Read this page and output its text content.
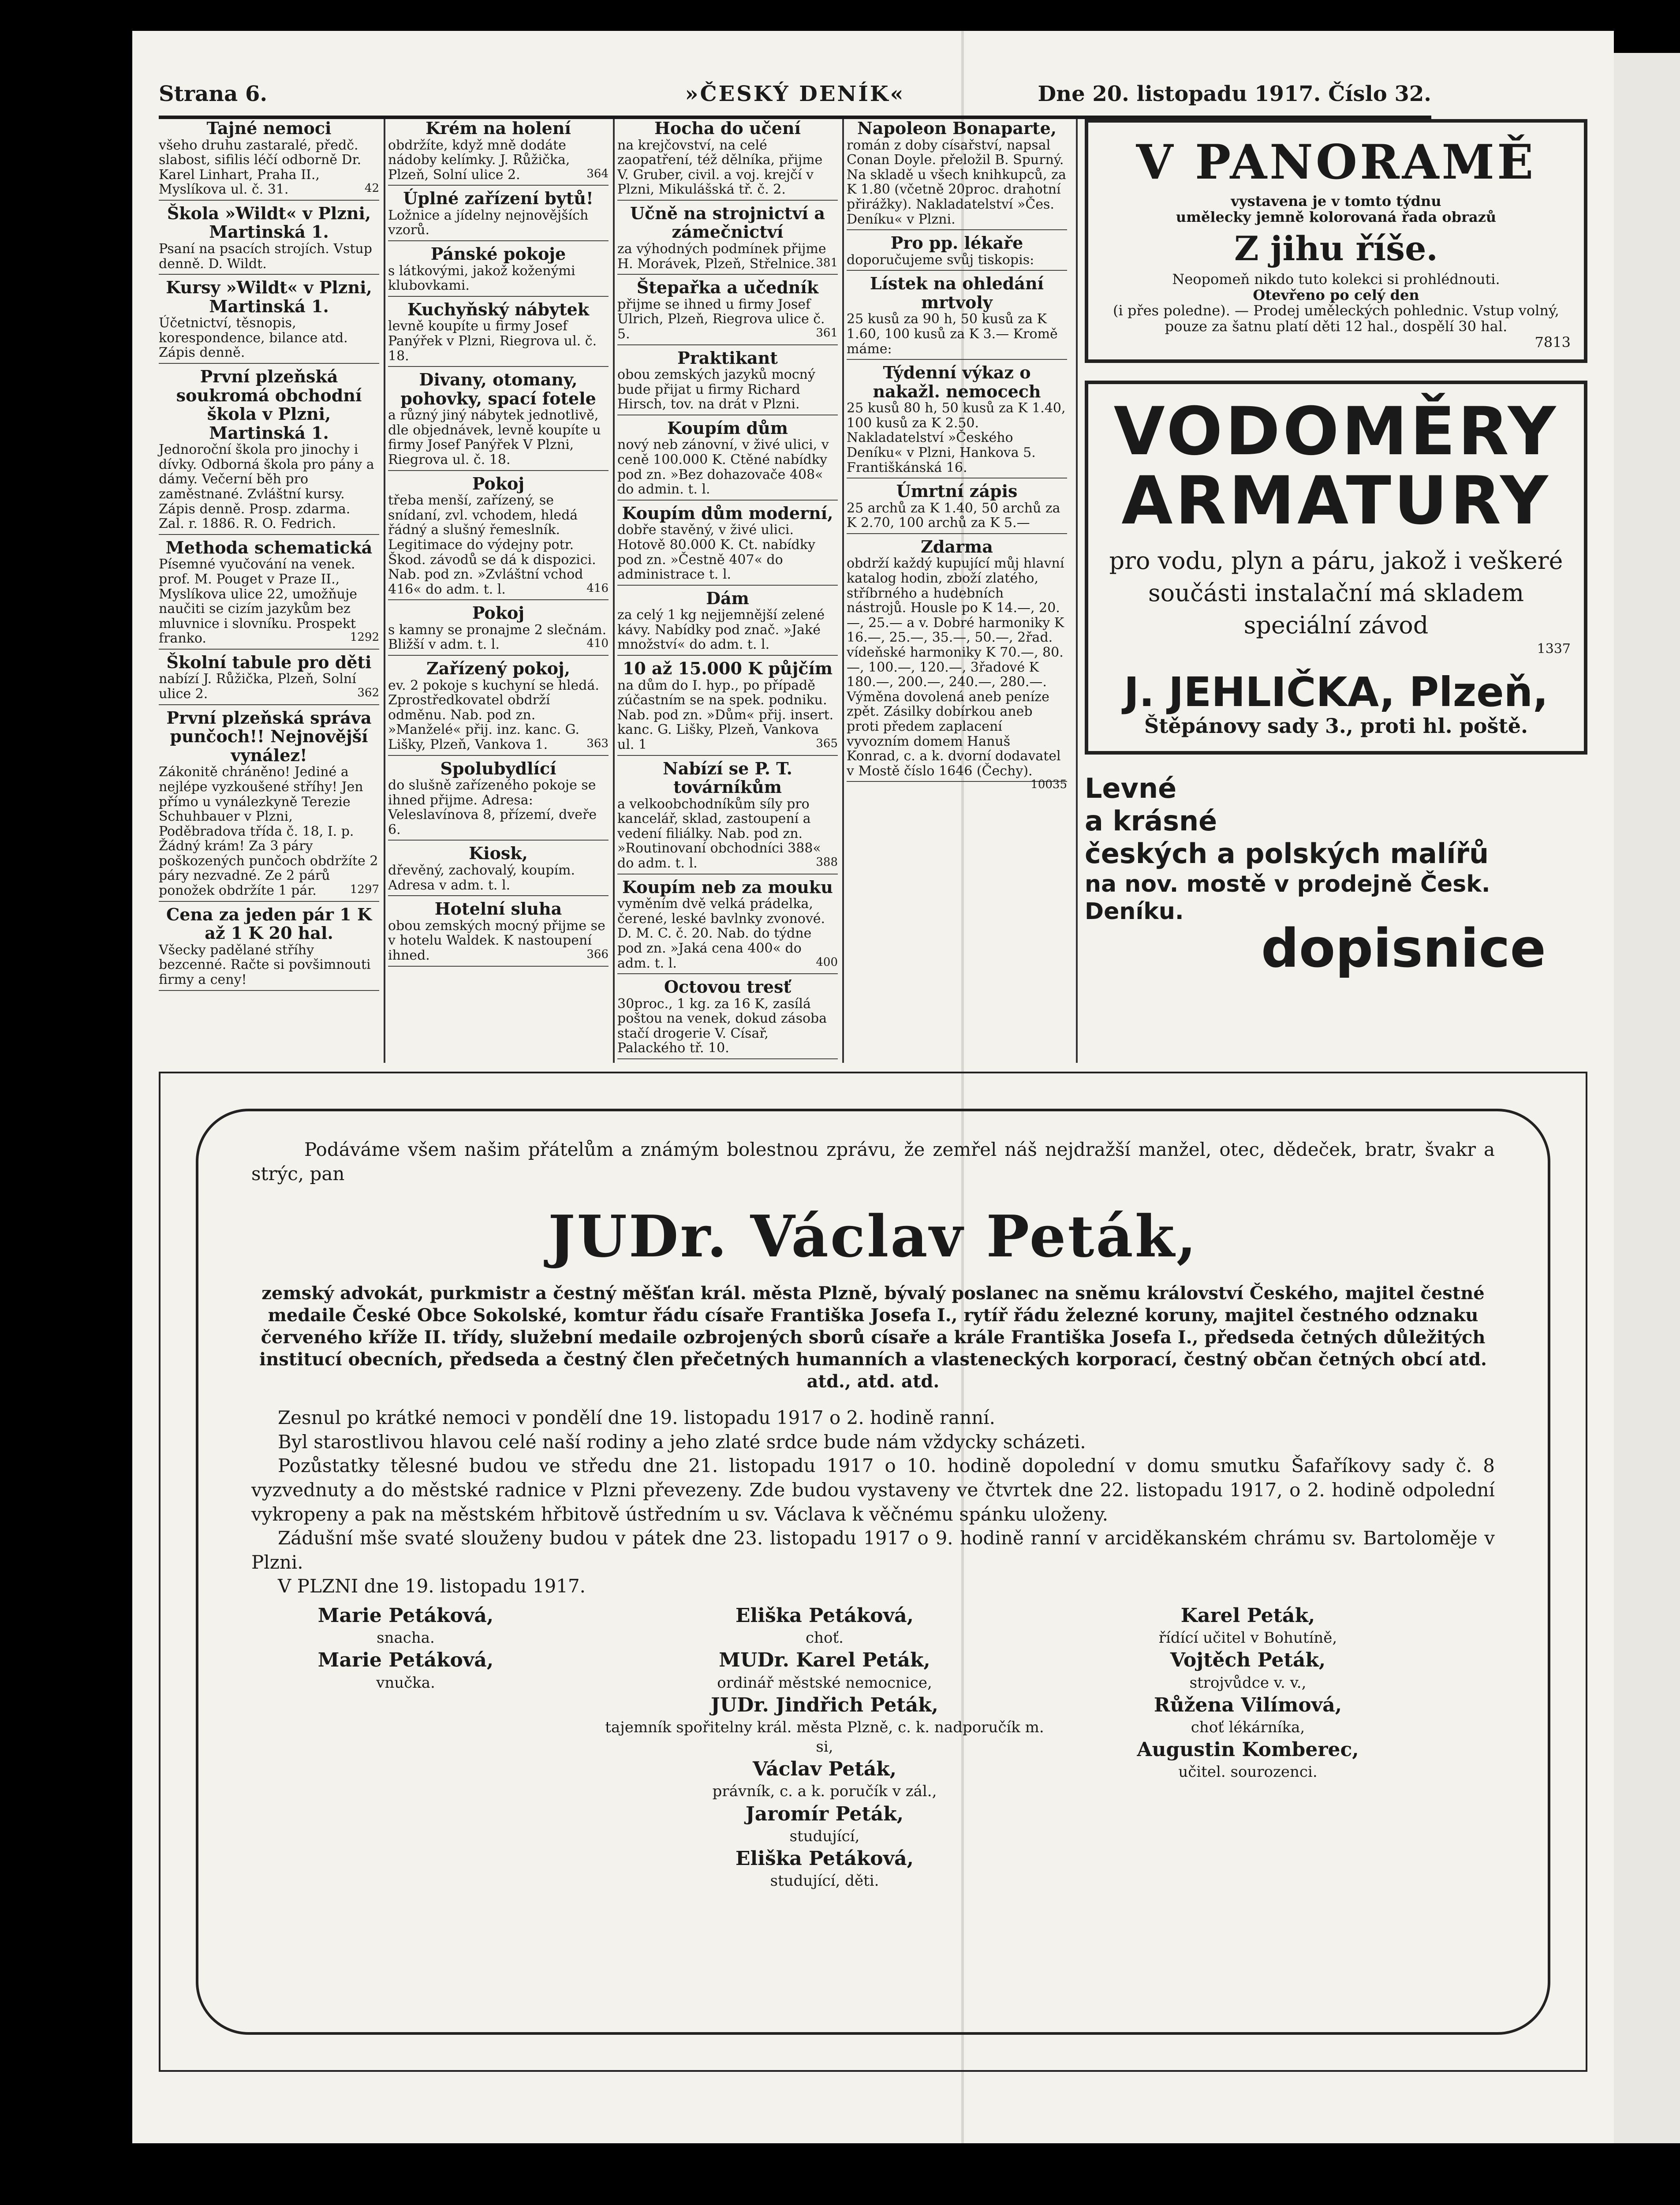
Strana 6.	»ČESKÝ DENÍK«	Dne 20. listopadu 1917. Číslo 32.
Tajné nemoci
všeho druhu zastaralé, předč. slabost, sifilis léčí odborně Dr. Karel Linhart, Praha II., Myslíkova ul. č. 31.	42
Škola »Wildt« v Plzni, Martinská 1.
Psaní na psacích strojích. Vstup denně. D. Wildt.
Kursy »Wildt« v Plzni, Martinská 1.
Účetnictví, těsnopis, korespondence, bilance atd. Zápis denně.
První plzeňská soukromá obchodní škola v Plzni, Martinská 1.
Jednoroční škola pro jinochy i dívky. Odborná škola pro pány a dámy. Večerní běh pro zaměstnané. Zvláštní kursy. Zápis denně. Prosp. zdarma. Zal. r. 1886. R. O. Fedrich.
Methoda schematická
Písemné vyučování na venek. prof. M. Pouget v Praze II., Myslíkova ulice 22, umožňuje naučiti se cizím jazykům bez mluvnice i slovníku. Prospekt franko.	1292
Školní tabule pro děti
nabízí J. Růžička, Plzeň, Solní ulice 2.	362
První plzeňská správa punčoch!! Nejnovější vynález!
Zákonitě chráněno! Jediné a nejlépe vyzkoušené stříhy! Jen přímo u vynálezkyně Terezie Schuhbauer v Plzni, Poděbradova třída č. 18, I. p. Žádný krám! Za 3 páry poškozených punčoch obdržíte 2 páry nezvadné. Ze 2 párů ponožek obdržíte 1 pár.	1297
Cena za jeden pár 1 K až 1 K 20 hal.
Všecky padělané stříhy bezcenné. Račte si povšimnouti firmy a ceny!
Krém na holení
obdržíte, když mně dodáte nádoby kelímky. J. Růžička, Plzeň, Solní ulice 2.	364
Úplné zařízení bytů!
Ložnice a jídelny nejnovějších vzorů.
Pánské pokoje
s látkovými, jakož koženými klubovkami.
Kuchyňský nábytek
levně koupíte u firmy Josef Panýřek v Plzni, Riegrova ul. č. 18.
Divany, otomany, pohovky, spací fotele
a různý jiný nábytek jednotlivě, dle objednávek, levně koupíte u firmy Josef Panýřek V Plzni, Riegrova ul. č. 18.
Pokoj
třeba menší, zařízený, se snídaní, zvl. vchodem, hledá řádný a slušný řemeslník. Legitimace do výdejny potr. Škod. závodů se dá k dispozici. Nab. pod zn. »Zvláštní vchod 416« do adm. t. l.	416
Pokoj
s kamny se pronajme 2 slečnám. Bližší v adm. t. l.	410
Zařízený pokoj,
ev. 2 pokoje s kuchyní se hledá. Zprostředkovatel obdrží odměnu. Nab. pod zn. »Manželé« přij. inz. kanc. G. Lišky, Plzeň, Vankova 1.	363
Spolubydlící
do slušně zařízeného pokoje se ihned přijme. Adresa: Veleslavínova 8, přízemí, dveře 6.
Kiosk,
dřevěný, zachovalý, koupím. Adresa v adm. t. l.
Hotelní sluha
obou zemských mocný přijme se v hotelu Waldek. K nastoupení ihned.	366
Hocha do učení
na krejčovství, na celé zaopatření, též dělníka, přijme V. Gruber, civil. a voj. krejčí v Plzni, Mikulášská tř. č. 2.
Učně na strojnictví a zámečnictví
za výhodných podmínek přijme H. Morávek, Plzeň, Střelnice. 381
Štepařka a učedník
přijme se ihned u firmy Josef Ulrich, Plzeň, Riegrova ulice č. 5.	361
Praktikant
obou zemských jazyků mocný bude přijat u firmy Richard Hirsch, tov. na drát v Plzni.
Koupím dům
nový neb zánovní, v živé ulici, v ceně 100.000 K. Ctěné nabídky pod zn. »Bez dohazovače 408« do admin. t. l.
Koupím dům moderní,
dobře stavěný, v živé ulici. Hotově 80.000 K. Ct. nabídky pod zn. »Čestně 407« do administrace t. l.
Dám
za celý 1 kg nejjemnější zelené kávy. Nabídky pod znač. »Jaké množství« do adm. t. l.
10 až 15.000 K půjčím
na dům do I. hyp., po případě zúčastním se na spek. podniku. Nab. pod zn. »Dům« přij. insert. kanc. G. Lišky, Plzeň, Vankova ul. 1	365
Nabízí se P. T. továrníkům
a velkoobchodníkům síly pro kancelář, sklad, zastoupení a vedení filiálky. Nab. pod zn. »Routinovaní obchodníci 388« do adm. t. l.	388
Koupím neb za mouku
vyměním dvě velká prádelka, čerené, leské bavlnky zvonové. D. M. C. č. 20. Nab. do týdne pod zn. »Jaká cena 400« do adm. t. l.	400
Octovou tresť
30proc., 1 kg. za 16 K, zasílá poštou na venek, dokud zásoba stačí drogerie V. Císař, Palackého tř. 10.
Napoleon Bonaparte,
román z doby císařství, napsal Conan Doyle. přeložil B. Spurný. Na skladě u všech knihkupců, za K 1.80 (včetně 20proc. drahotní přirážky). Nakladatelství »Čes. Deníku« v Plzni.
Pro pp. lékaře
doporučujeme svůj tiskopis:
Lístek na ohledání mrtvoly
25 kusů za 90 h, 50 kusů za K 1.60, 100 kusů za K 3.— Kromě máme:
Týdenní výkaz o nakažl. nemocech
25 kusů 80 h, 50 kusů za K 1.40, 100 kusů za K 2.50. Nakladatelství »Českého Deníku« v Plzni, Hankova 5. Františkánská 16.
Úmrtní zápis
25 archů za K 1.40, 50 archů za K 2.70, 100 archů za K 5.—
Zdarma
obdrží každý kupující můj hlavní katalog hodin, zboží zlatého, stříbrného a hudebních nástrojů. Housle po K 14.—, 20.—, 25.— a v. Dobré harmoniky K 16.—, 25.—, 35.—, 50.—, 2řad. vídeňské harmoniky K 70.—, 80.—, 100.—, 120.—, 3řadové K 180.—, 200.—, 240.—, 280.—. Výměna dovolená aneb peníze zpět. Zásilky dobírkou aneb proti předem zaplacení vyvozním domem Hanuš Konrad, c. a k. dvorní dodavatel v Mostě číslo 1646 (Čechy).
10035
V PANORAMĚ
vystavena je v tomto týdnu
umělecky jemně kolorovaná řada obrazů
Z jihu říše.
Neopomeň nikdo tuto kolekci si prohlédnouti.
Otevřeno po celý den
(i přes poledne). — Prodej uměleckých pohlednic. Vstup volný, pouze za šatnu platí děti 12 hal., dospělí 30 hal.
7813
VODOMĚRY
ARMATURY
pro vodu, plyn a páru, jakož i veškeré součásti instalační má skladem speciální závod
1337
J. JEHLIČKA, Plzeň,
Štěpánovy sady 3., proti hl. poště.
Levné
a krásné
českých a polských malířů
na nov. mostě v prodejně Česk. Deníku.
dopisnice

Podáváme všem našim přátelům a známým bolestnou zprávu, že zemřel náš nejdražší manžel, otec, dědeček, bratr, švakr a strýc, pan

JUDr. Václav Peták,
zemský advokát, purkmistr a čestný měšťan král. města Plzně, bývalý poslanec na sněmu království Českého, majitel čestné medaile České Obce Sokolské, komtur řádu císaře Františka Josefa I., rytíř řádu železné koruny, majitel čestného odznaku červeného kříže II. třídy, služební medaile ozbrojených sborů císaře a krále Františka Josefa I., předseda četných důležitých institucí obecních, předseda a čestný člen přečetných humanních a vlasteneckých korporací, čestný občan četných obcí atd. atd., atd. atd.

Zesnul po krátké nemoci v pondělí dne 19. listopadu 1917 o 2. hodině ranní.

Byl starostlivou hlavou celé naší rodiny a jeho zlaté srdce bude nám vždycky scházeti.

Pozůstatky tělesné budou ve středu dne 21. listopadu 1917 o 10. hodině dopolední v domu smutku Šafaříkovy sady č. 8 vyzvednuty a do městské radnice v Plzni převezeny. Zde budou vystaveny ve čtvrtek dne 22. listopadu 1917, o 2. hodině odpolední vykropeny a pak na městském hřbitově ústředním u sv. Václava k věčnému spánku uloženy.

Zádušní mše svaté slouženy budou v pátek dne 23. listopadu 1917 o 9. hodině ranní v arciděkanském chrámu sv. Bartoloměje v Plzni.

V PLZNI dne 19. listopadu 1917.

Marie Petáková,
snacha.
Marie Petáková,
vnučka.
Eliška Petáková,
choť.
MUDr. Karel Peták,
ordinář městské nemocnice,
JUDr. Jindřich Peták,
tajemník spořitelny král. města Plzně, c. k. nadporučík m. si,
Václav Peták,
právník, c. a k. poručík v zál.,
Jaromír Peták,
studující,
Eliška Petáková,
studující, děti.
Karel Peták,
řídící učitel v Bohutíně,
Vojtěch Peták,
strojvůdce v. v.,
Růžena Vilímová,
choť lékárníka,
Augustin Komberec,
učitel. sourozenci.
